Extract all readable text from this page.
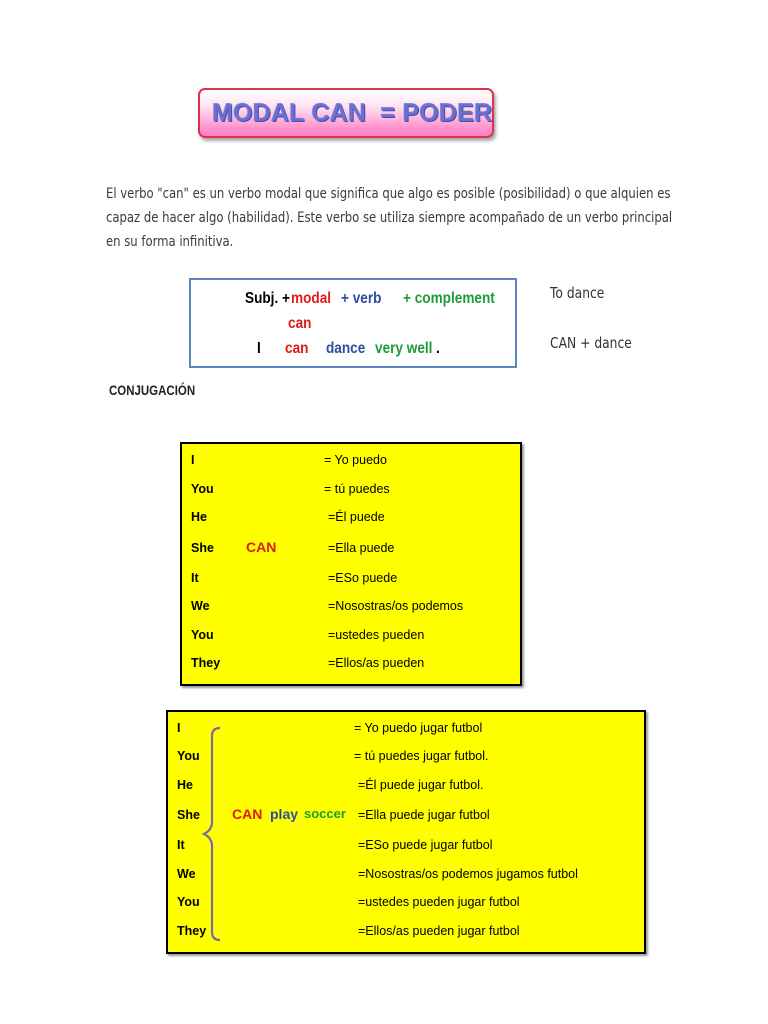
MODAL CAN  = PODER
El verbo "can" es un verbo modal que significa que algo es posible (posibilidad) o que alquien es
capaz de hacer algo (habilidad). Este verbo se utiliza siempre acompañado de un verbo principal
en su forma infinitiva.
Subj. + modal + verb + complement
can
I can dance very well .
To dance
CAN + dance
CONJUGACIÓN
CAN
I	= Yo puedo
You	= tú puedes
He	=Él puede
She	=Ella puede
It	=ESo puede
We	=Nosostras/os podemos
You	=ustedes pueden
They	=Ellos/as pueden
CAN play soccer
I	= Yo puedo jugar futbol
You	= tú puedes jugar futbol.
He	=Él puede jugar futbol.
She	=Ella puede jugar futbol
It	=ESo puede jugar futbol
We	=Nosostras/os podemos jugamos futbol
You	=ustedes pueden jugar futbol
They	=Ellos/as pueden jugar futbol
